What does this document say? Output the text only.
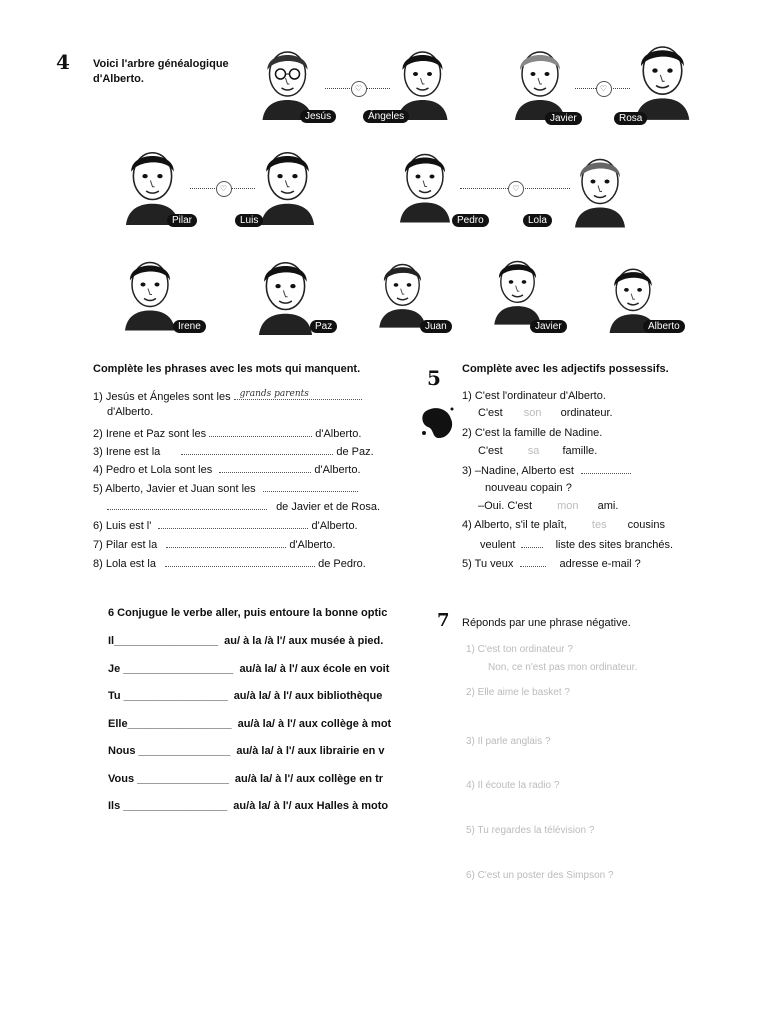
4 Voici l'arbre généalogique
d'Alberto.
Jesús	Ángeles	Javier	Rosa
Pilar	Luis	Pedro	Lola
Irene	Paz	Juan	Javier	Alberto
♡	♡
♡	♡
Complète les phrases avec les mots qui manquent.
1) Jesús et Ángeles sont les grands parents
d'Alberto.
2) Irene et Paz sont les	d'Alberto.
3) Irene est la	de Paz.
4) Pedro et Lola sont les	d'Alberto.
5) Alberto, Javier et Juan sont les
de Javier et de Rosa.
6) Luis est l'	d'Alberto.
7) Pilar est la	d'Alberto.
8) Lola est la	de Pedro.
5 Complète avec les adjectifs possessifs.
1) C'est l'ordinateur d'Alberto.
C'est son ordinateur.
2) C'est la famille de Nadine.
C'est sa famille.
3) –Nadine, Alberto est
nouveau copain ?
–Oui. C'est mon ami.
4) Alberto, s'il te plaît, tes cousins
veulent	liste des sites branchés.
5) Tu veux	adresse e-mail ?
6 Conjugue le verbe aller, puis entoure la bonne optic
Il_________________ au/ à la /à l'/ aux musée à pied.
Je __________________ au/à la/ à l'/ aux école en voit
Tu _________________ au/à la/ à l'/ aux bibliothèque
Elle_________________ au/à la/ à l'/ aux collège à mot
Nous _______________ au/à la/ à l'/ aux librairie en v
Vous _______________ au/à la/ à l'/ aux collège en tr
Ils _________________ au/à la/ à l'/ aux Halles à moto
7 Réponds par une phrase négative.
1) C'est ton ordinateur ?
Non, ce n'est pas mon ordinateur.
2) Elle aime le basket ?
3) Il parle anglais ?
4) Il écoute la radio ?
5) Tu regardes la télévision ?
6) C'est un poster des Simpson ?
